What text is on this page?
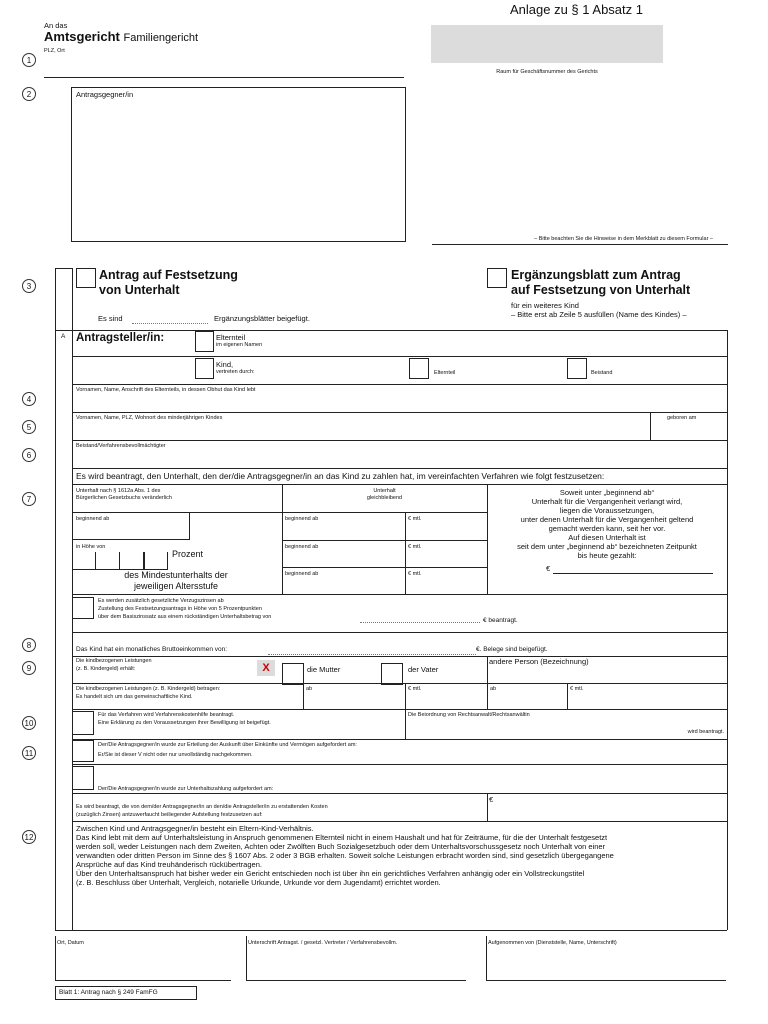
Anlage zu § 1 Absatz 1
An das
Amtsgericht Familiengericht
PLZ, Ort
Raum für Geschäftsnummer des Gerichts
Antragsgegner/in
– Bitte beachten Sie die Hinweise in dem Merkblatt zu diesem Formular –
1
2
3
4
5
6
7
8
9
10
11
12
Antrag auf Festsetzung
von Unterhalt
Es sind	Ergänzungsblätter beigefügt.
Ergänzungsblatt zum Antrag
auf Festsetzung von Unterhalt
für ein weiteres Kind
– Bitte erst ab Zeile 5 ausfüllen (Name des Kindes) –
A Antragsteller/in:	Elternteil
im eigenen Namen
Kind,
vertreten durch:	Elternteil	Beistand
Vornamen, Name, Anschrift des Elternteils, in dessen Obhut das Kind lebt
Vornamen, Name, PLZ, Wohnort des minderjährigen Kindes	geboren am
Beistand/Verfahrensbevollmächtigter
Es wird beantragt, den Unterhalt, den der/die Antragsgegner/in an das Kind zu zahlen hat, im vereinfachten Verfahren wie folgt festzusetzen:
Unterhalt nach § 1612a Abs. 1 des
Bürgerlichen Gesetzbuchs veränderlich
Unterhalt
gleichbleibend
Soweit unter „beginnend ab“
Unterhalt für die Vergangenheit verlangt wird,
liegen die Voraussetzungen,
unter denen Unterhalt für die Vergangenheit geltend
gemacht werden kann, seit her vor.
Auf diesen Unterhalt ist
seit dem unter „beginnend ab“ bezeichneten Zeitpunkt
bis heute gezahlt:
€
beginnend ab
in Höhe von
Prozent
des Mindestunterhalts der
jeweiligen Altersstufe
beginnend ab	€ mtl.
beginnend ab	€ mtl.
beginnend ab	€ mtl.
Es werden zusätzlich gesetzliche Verzugszinsen ab
Zustellung des Festsetzungsantrags in Höhe von 5 Prozentpunkten
über dem Basiszinssatz aus einem rückständigen Unterhaltsbetrag von	€ beantragt.
Das Kind hat ein monatliches Bruttoeinkommen von:	€. Belege sind beigefügt.
Die kindbezogenen Leistungen
(z. B. Kindergeld) erhält:	X	die Mutter	der Vater
andere Person (Bezeichnung)
Die kindbezogenen Leistungen (z. B. Kindergeld) betragen:
Es handelt sich um das gemeinschaftliche Kind.
ab	€ mtl.	ab	€ mtl.
Für das Verfahren wird Verfahrenskostenhilfe beantragt.
Eine Erklärung zu den Voraussetzungen ihrer Bewilligung ist beigefügt.
Die Beiordnung von Rechtsanwalt/Rechtsanwältin
wird beantragt.
Der/Die Antragsgegner/in wurde zur Erteilung der Auskunft über Einkünfte und Vermögen aufgefordert am:
Er/Sie ist dieser V nicht oder nur unvollständig nachgekommen.
Der/Die Antragsgegner/in wurde zur Unterhaltszahlung aufgefordert am:
Es wird beantragt, die von dem/der Antragsgegner/in an den/die Antragsteller/in zu erstattenden Kosten
(zuzüglich Zinsen) antzuwerfaucht beiliegender Aufstellung festzusetzen auf:
€
Zwischen Kind und Antragsgegner/in besteht ein Eltern-Kind-Verhältnis.
Das Kind lebt mit dem auf Unterhaltsleistung in Anspruch genommenen Elternteil nicht in einem Haushalt und hat für Zeiträume, für die der Unterhalt festgesetzt
werden soll, weder Leistungen nach dem Zweiten, Achten oder Zwölften Buch Sozialgesetzbuch oder dem Unterhaltsvorschussgesetz noch Unterhalt von einer
verwandten oder dritten Person im Sinne des § 1607 Abs. 2 oder 3 BGB erhalten. Soweit solche Leistungen erbracht worden sind, sind gesetzlich übergegangene
Ansprüche auf das Kind treuhänderisch rückübertragen.
Über den Unterhaltsanspruch hat bisher weder ein Gericht entschieden noch ist über ihn ein gerichtliches Verfahren anhängig oder ein Vollstreckungstitel
(z. B. Beschluss über Unterhalt, Vergleich, notarielle Urkunde, Urkunde vor dem Jugendamt) errichtet worden.
Ort, Datum	Unterschrift Antragst. / gesetzl. Vertreter / Verfahrensbevollm.	Aufgenommen von (Dienststelle, Name, Unterschrift)
Blatt 1: Antrag nach § 249 FamFG
